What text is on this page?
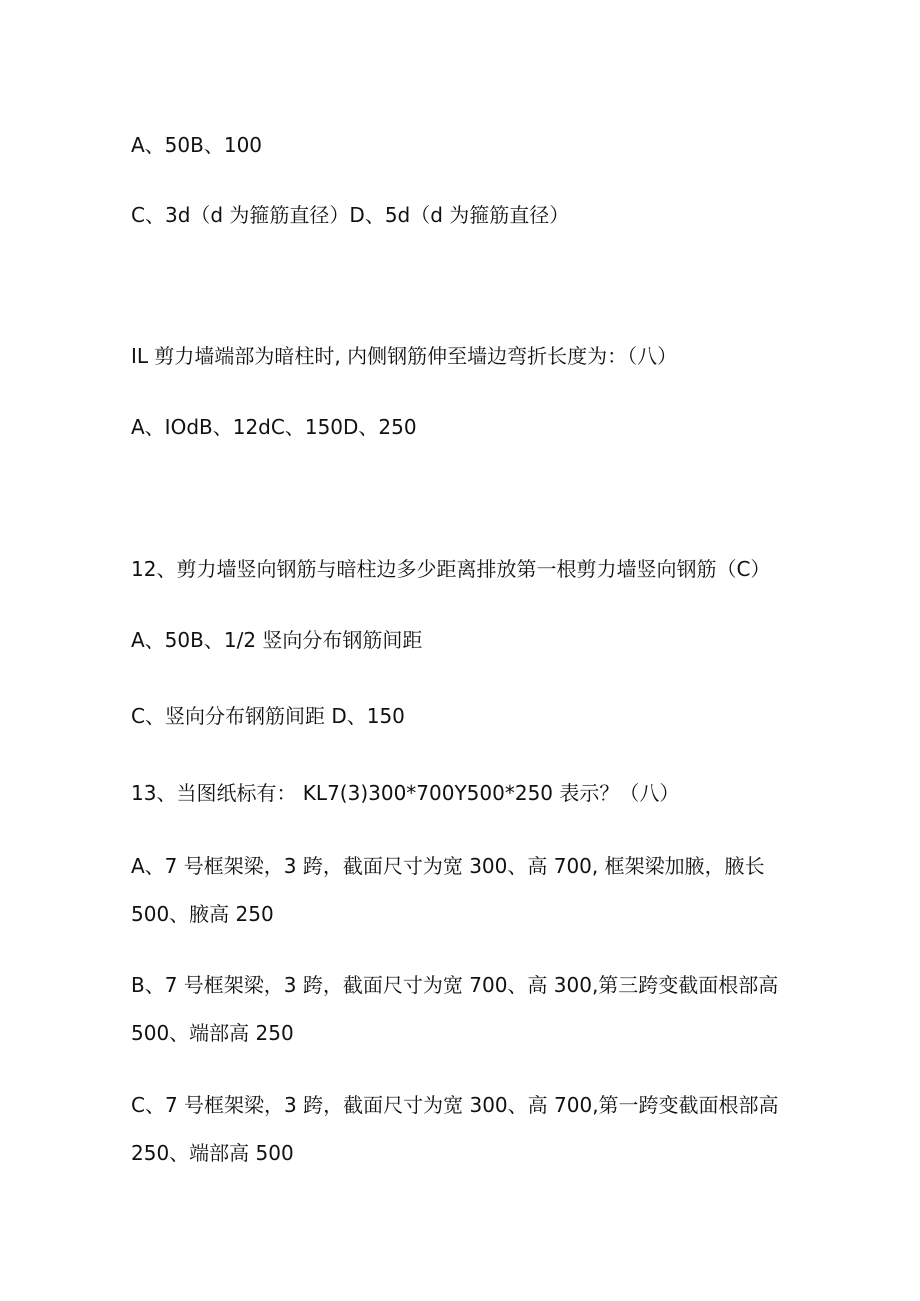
A、50B、100
C、3d（d 为箍筋直径）D、5d（d 为箍筋直径）
IL 剪力墙端部为暗柱时, 内侧钢筋伸至墙边弯折长度为：（八）
A、IOdB、12dC、150D、250
12、剪力墙竖向钢筋与暗柱边多少距离排放第一根剪力墙竖向钢筋（C）
A、50B、1/2 竖向分布钢筋间距
C、竖向分布钢筋间距 D、150
13、当图纸标有： KL7(3)300*700Y500*250 表示？（八）
A、7 号框架梁，3 跨，截面尺寸为宽 300、高 700, 框架梁加腋，腋长
500、腋高 250
B、7 号框架梁，3 跨，截面尺寸为宽 700、高 300,第三跨变截面根部高
500、端部高 250
C、7 号框架梁，3 跨，截面尺寸为宽 300、高 700,第一跨变截面根部高
250、端部高 500
